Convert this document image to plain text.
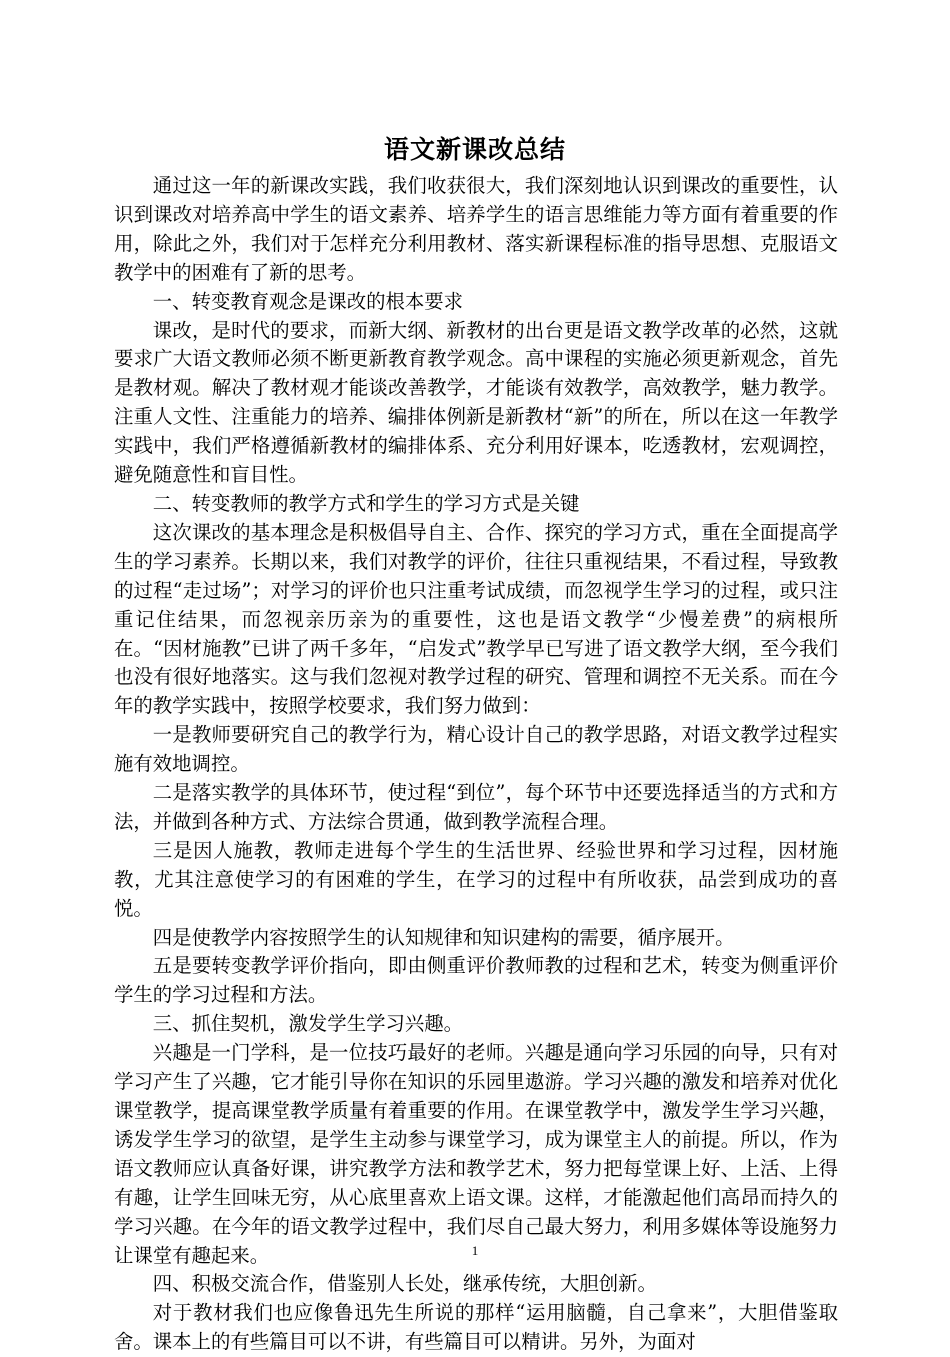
语文新课改总结

通过这一年的新课改实践，我们收获很大，我们深刻地认识到课改的重要性，认识到课改对培养高中学生的语文素养、培养学生的语言思维能力等方面有着重要的作用，除此之外，我们对于怎样充分利用教材、落实新课程标准的指导思想、克服语文教学中的困难有了新的思考。

一、转变教育观念是课改的根本要求

课改，是时代的要求，而新大纲、新教材的出台更是语文教学改革的必然，这就要求广大语文教师必须不断更新教育教学观念。高中课程的实施必须更新观念，首先是教材观。解决了教材观才能谈改善教学，才能谈有效教学，高效教学，魅力教学。注重人文性、注重能力的培养、编排体例新是新教材“新”的所在，所以在这一年教学实践中，我们严格遵循新教材的编排体系、充分利用好课本，吃透教材，宏观调控，避免随意性和盲目性。

二、转变教师的教学方式和学生的学习方式是关键

这次课改的基本理念是积极倡导自主、合作、探究的学习方式，重在全面提高学生的学习素养。长期以来，我们对教学的评价，往往只重视结果，不看过程，导致教的过程“走过场”；对学习的评价也只注重考试成绩，而忽视学生学习的过程，或只注重记住结果，而忽视亲历亲为的重要性，这也是语文教学“少慢差费”的病根所在。“因材施教”已讲了两千多年，“启发式”教学早已写进了语文教学大纲，至今我们也没有很好地落实。这与我们忽视对教学过程的研究、管理和调控不无关系。而在今年的教学实践中，按照学校要求，我们努力做到：

一是教师要研究自己的教学行为，精心设计自己的教学思路，对语文教学过程实施有效地调控。

二是落实教学的具体环节，使过程“到位”，每个环节中还要选择适当的方式和方法，并做到各种方式、方法综合贯通，做到教学流程合理。

三是因人施教，教师走进每个学生的生活世界、经验世界和学习过程，因材施教，尤其注意使学习的有困难的学生，在学习的过程中有所收获，品尝到成功的喜悦。

四是使教学内容按照学生的认知规律和知识建构的需要，循序展开。

五是要转变教学评价指向，即由侧重评价教师教的过程和艺术，转变为侧重评价学生的学习过程和方法。

三、抓住契机，激发学生学习兴趣。

兴趣是一门学科，是一位技巧最好的老师。兴趣是通向学习乐园的向导，只有对学习产生了兴趣，它才能引导你在知识的乐园里遨游。学习兴趣的激发和培养对优化课堂教学，提高课堂教学质量有着重要的作用。在课堂教学中，激发学生学习兴趣，诱发学生学习的欲望，是学生主动参与课堂学习，成为课堂主人的前提。所以，作为语文教师应认真备好课，讲究教学方法和教学艺术，努力把每堂课上好、上活、上得有趣，让学生回味无穷，从心底里喜欢上语文课。这样，才能激起他们高昂而持久的学习兴趣。在今年的语文教学过程中，我们尽自己最大努力，利用多媒体等设施努力让课堂有趣起来。

四、积极交流合作，借鉴别人长处，继承传统，大胆创新。

对于教材我们也应像鲁迅先生所说的那样“运用脑髓，自己拿来”，大胆借鉴取舍。课本上的有些篇目可以不讲，有些篇目可以精讲。另外，为面对

1
